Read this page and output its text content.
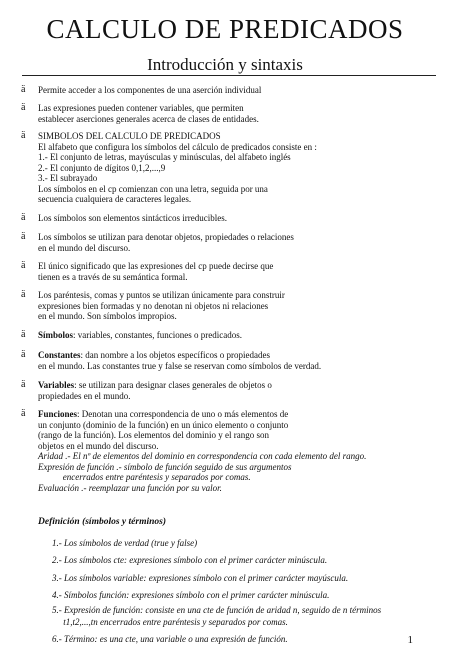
CALCULO DE PREDICADOS
Introducción y sintaxis
ä Permite acceder a los componentes de una aserción individual
ä Las expresiones pueden contener variables, que permiten
establecer aserciones generales acerca de clases de entidades.
ä SIMBOLOS DEL CALCULO DE PREDICADOS
El alfabeto que configura los símbolos del cálculo de predicados consiste en :
1.- El conjunto de letras, mayúsculas y minúsculas, del alfabeto inglés
2.- El conjunto de dígitos 0,1,2,...,9
3.- El subrayado
Los símbolos en el cp comienzan con una letra, seguida por una
secuencia cualquiera de caracteres legales.
ä Los símbolos son elementos sintácticos irreducibles.
ä Los símbolos se utilizan para denotar objetos, propiedades o relaciones
en el mundo del discurso.
ä El único significado que las expresiones del cp puede decirse que
tienen es a través de su semántica formal.
ä Los paréntesis, comas y puntos se utilizan únicamente para construir
expresiones bien formadas y no denotan ni objetos ni relaciones
en el mundo. Son símbolos impropios.
ä Símbolos: variables, constantes, funciones o predicados.
ä Constantes: dan nombre a los objetos específicos o propiedades
en el mundo. Las constantes true y false se reservan como símbolos de verdad.
ä Variables: se utilizan para designar clases generales de objetos o
propiedades en el mundo.
ä Funciones: Denotan una correspondencia de uno o más elementos de
un conjunto (dominio de la función) en un único elemento o conjunto
(rango de la función). Los elementos del dominio y el rango son
objetos en el mundo del discurso.
Aridad .- El nº de elementos del dominio en correspondencia con cada elemento del rango.
Expresión de función .- símbolo de función seguido de sus argumentos
encerrados entre paréntesis y separados por comas.
Evaluación .- reemplazar una función por su valor.
Definición (símbolos y términos)
1.- Los símbolos de verdad (true y false)
2.- Los símbolos cte: expresiones símbolo con el primer carácter minúscula.
3.- Los símbolos variable: expresiones símbolo con el primer carácter mayúscula.
4.- Símbolos función: expresiones símbolo con el primer carácter minúscula.
5.- Expresión de función: consiste en una cte de función de aridad n, seguido de n términos
t1,t2,...,tn encerrados entre paréntesis y separados por comas.
6.- Término: es una cte, una variable o una expresión de función.	1
